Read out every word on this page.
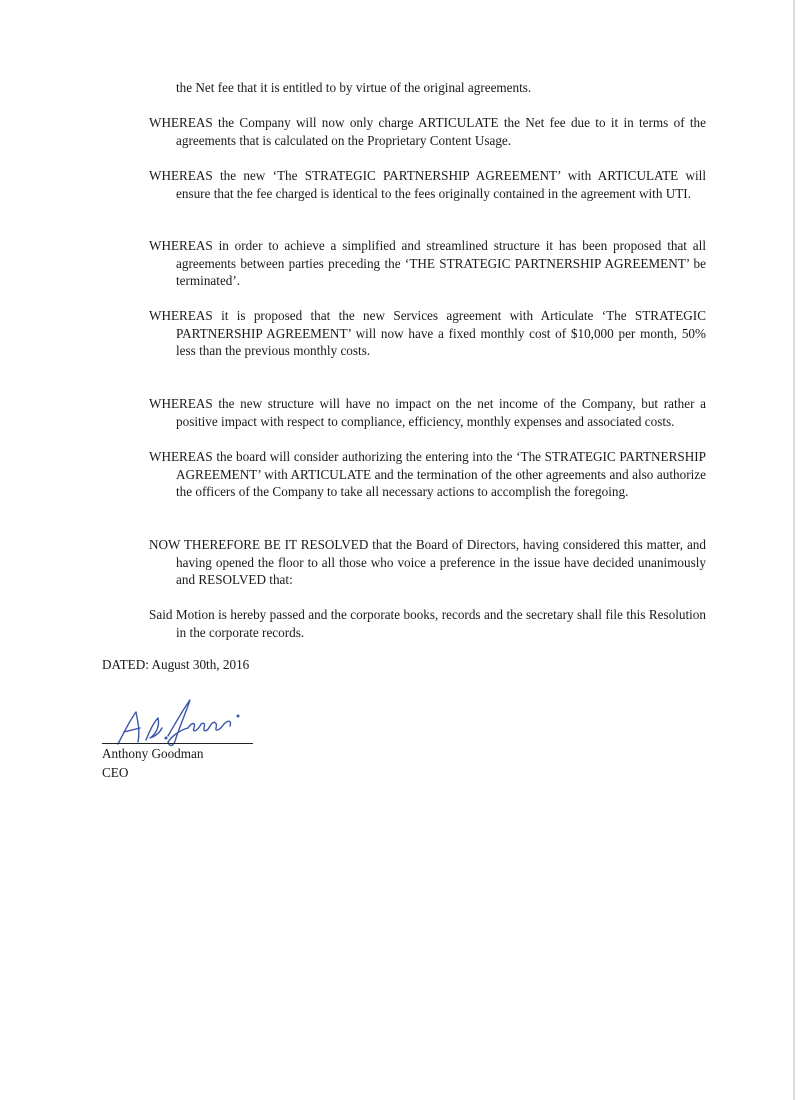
the Net fee that it is entitled to by virtue of the original agreements.

WHEREAS the Company will now only charge ARTICULATE the Net fee due to it in terms of the agreements that is calculated on the Proprietary Content Usage.

WHEREAS the new ‘The STRATEGIC PARTNERSHIP AGREEMENT’ with ARTICULATE will ensure that the fee charged is identical to the fees originally contained in the agreement with UTI.

WHEREAS in order to achieve a simplified and streamlined structure it has been proposed that all agreements between parties preceding the ‘THE STRATEGIC PARTNERSHIP AGREEMENT’ be terminated’.

WHEREAS it is proposed that the new Services agreement with Articulate ‘The STRATEGIC PARTNERSHIP AGREEMENT’ will now have a fixed monthly cost of $10,000 per month, 50% less than the previous monthly costs.

WHEREAS the new structure will have no impact on the net income of the Company, but rather a positive impact with respect to compliance, efficiency, monthly expenses and associated costs.

WHEREAS the board will consider authorizing the entering into the ‘The STRATEGIC PARTNERSHIP AGREEMENT’ with ARTICULATE and the termination of the other agreements and also authorize the officers of the Company to take all necessary actions to accomplish the foregoing.

NOW THEREFORE BE IT RESOLVED that the Board of Directors, having considered this matter, and having opened the floor to all those who voice a preference in the issue have decided unanimously and RESOLVED that:

Said Motion is hereby passed and the corporate books, records and the secretary shall file this Resolution in the corporate records.

DATED: August 30th, 2016

Anthony Goodman
CEO
